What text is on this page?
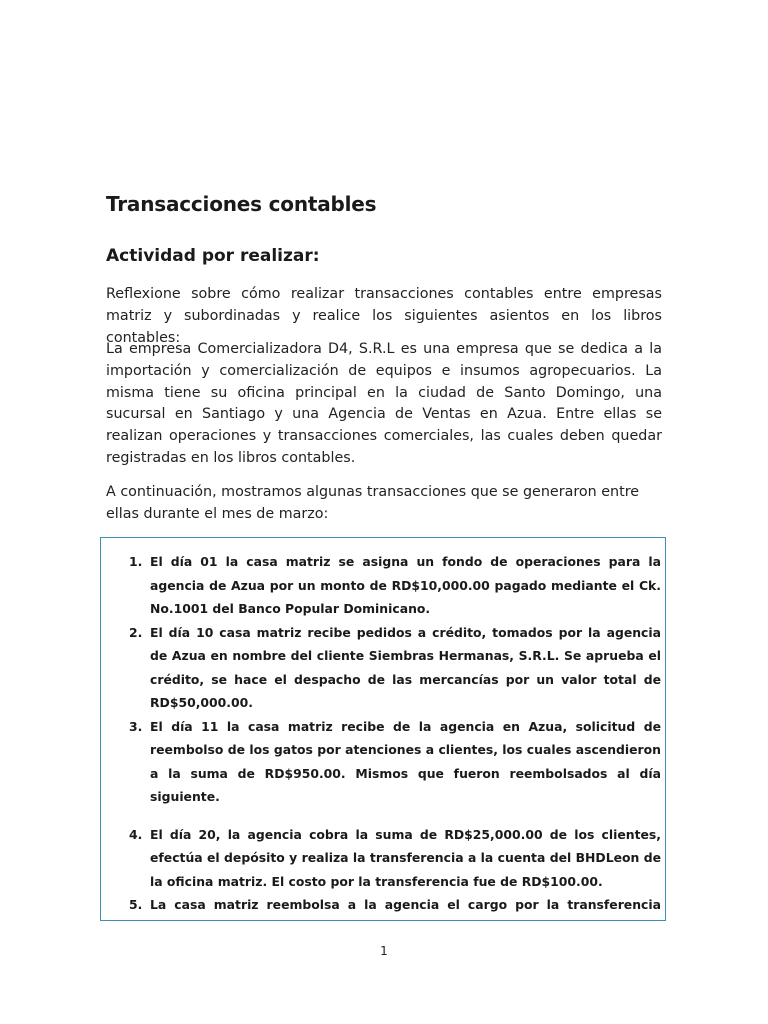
Transacciones contables
Actividad por realizar:

Reflexione sobre cómo realizar transacciones contables entre empresas matriz y subordinadas y realice los siguientes asientos en los libros contables:

La empresa Comercializadora D4, S.R.L es una empresa que se dedica a la importación y comercialización de equipos e insumos agropecuarios. La misma tiene su oficina principal en la ciudad de Santo Domingo, una sucursal en Santiago y una Agencia de Ventas en Azua. Entre ellas se realizan operaciones y transacciones comerciales, las cuales deben quedar registradas en los libros contables.

A continuación, mostramos algunas transacciones que se generaron entre ellas durante el mes de marzo:

1. El día 01 la casa matriz se asigna un fondo de operaciones para la agencia de Azua por un monto de RD$10,000.00 pagado mediante el Ck. No.1001 del Banco Popular Dominicano.
2. El día 10 casa matriz recibe pedidos a crédito, tomados por la agencia de Azua en nombre del cliente Siembras Hermanas, S.R.L. Se aprueba el crédito, se hace el despacho de las mercancías por un valor total de RD$50,000.00.
3. El día 11 la casa matriz recibe de la agencia en Azua, solicitud de reembolso de los gatos por atenciones a clientes, los cuales ascendieron a la suma de RD$950.00. Mismos que fueron reembolsados al día siguiente.
4. El día 20, la agencia cobra la suma de RD$25,000.00 de los clientes, efectúa el depósito y realiza la transferencia a la cuenta del BHDLeon de la oficina matriz. El costo por la transferencia fue de RD$100.00.
5. La casa matriz reembolsa a la agencia el cargo por la transferencia
1
